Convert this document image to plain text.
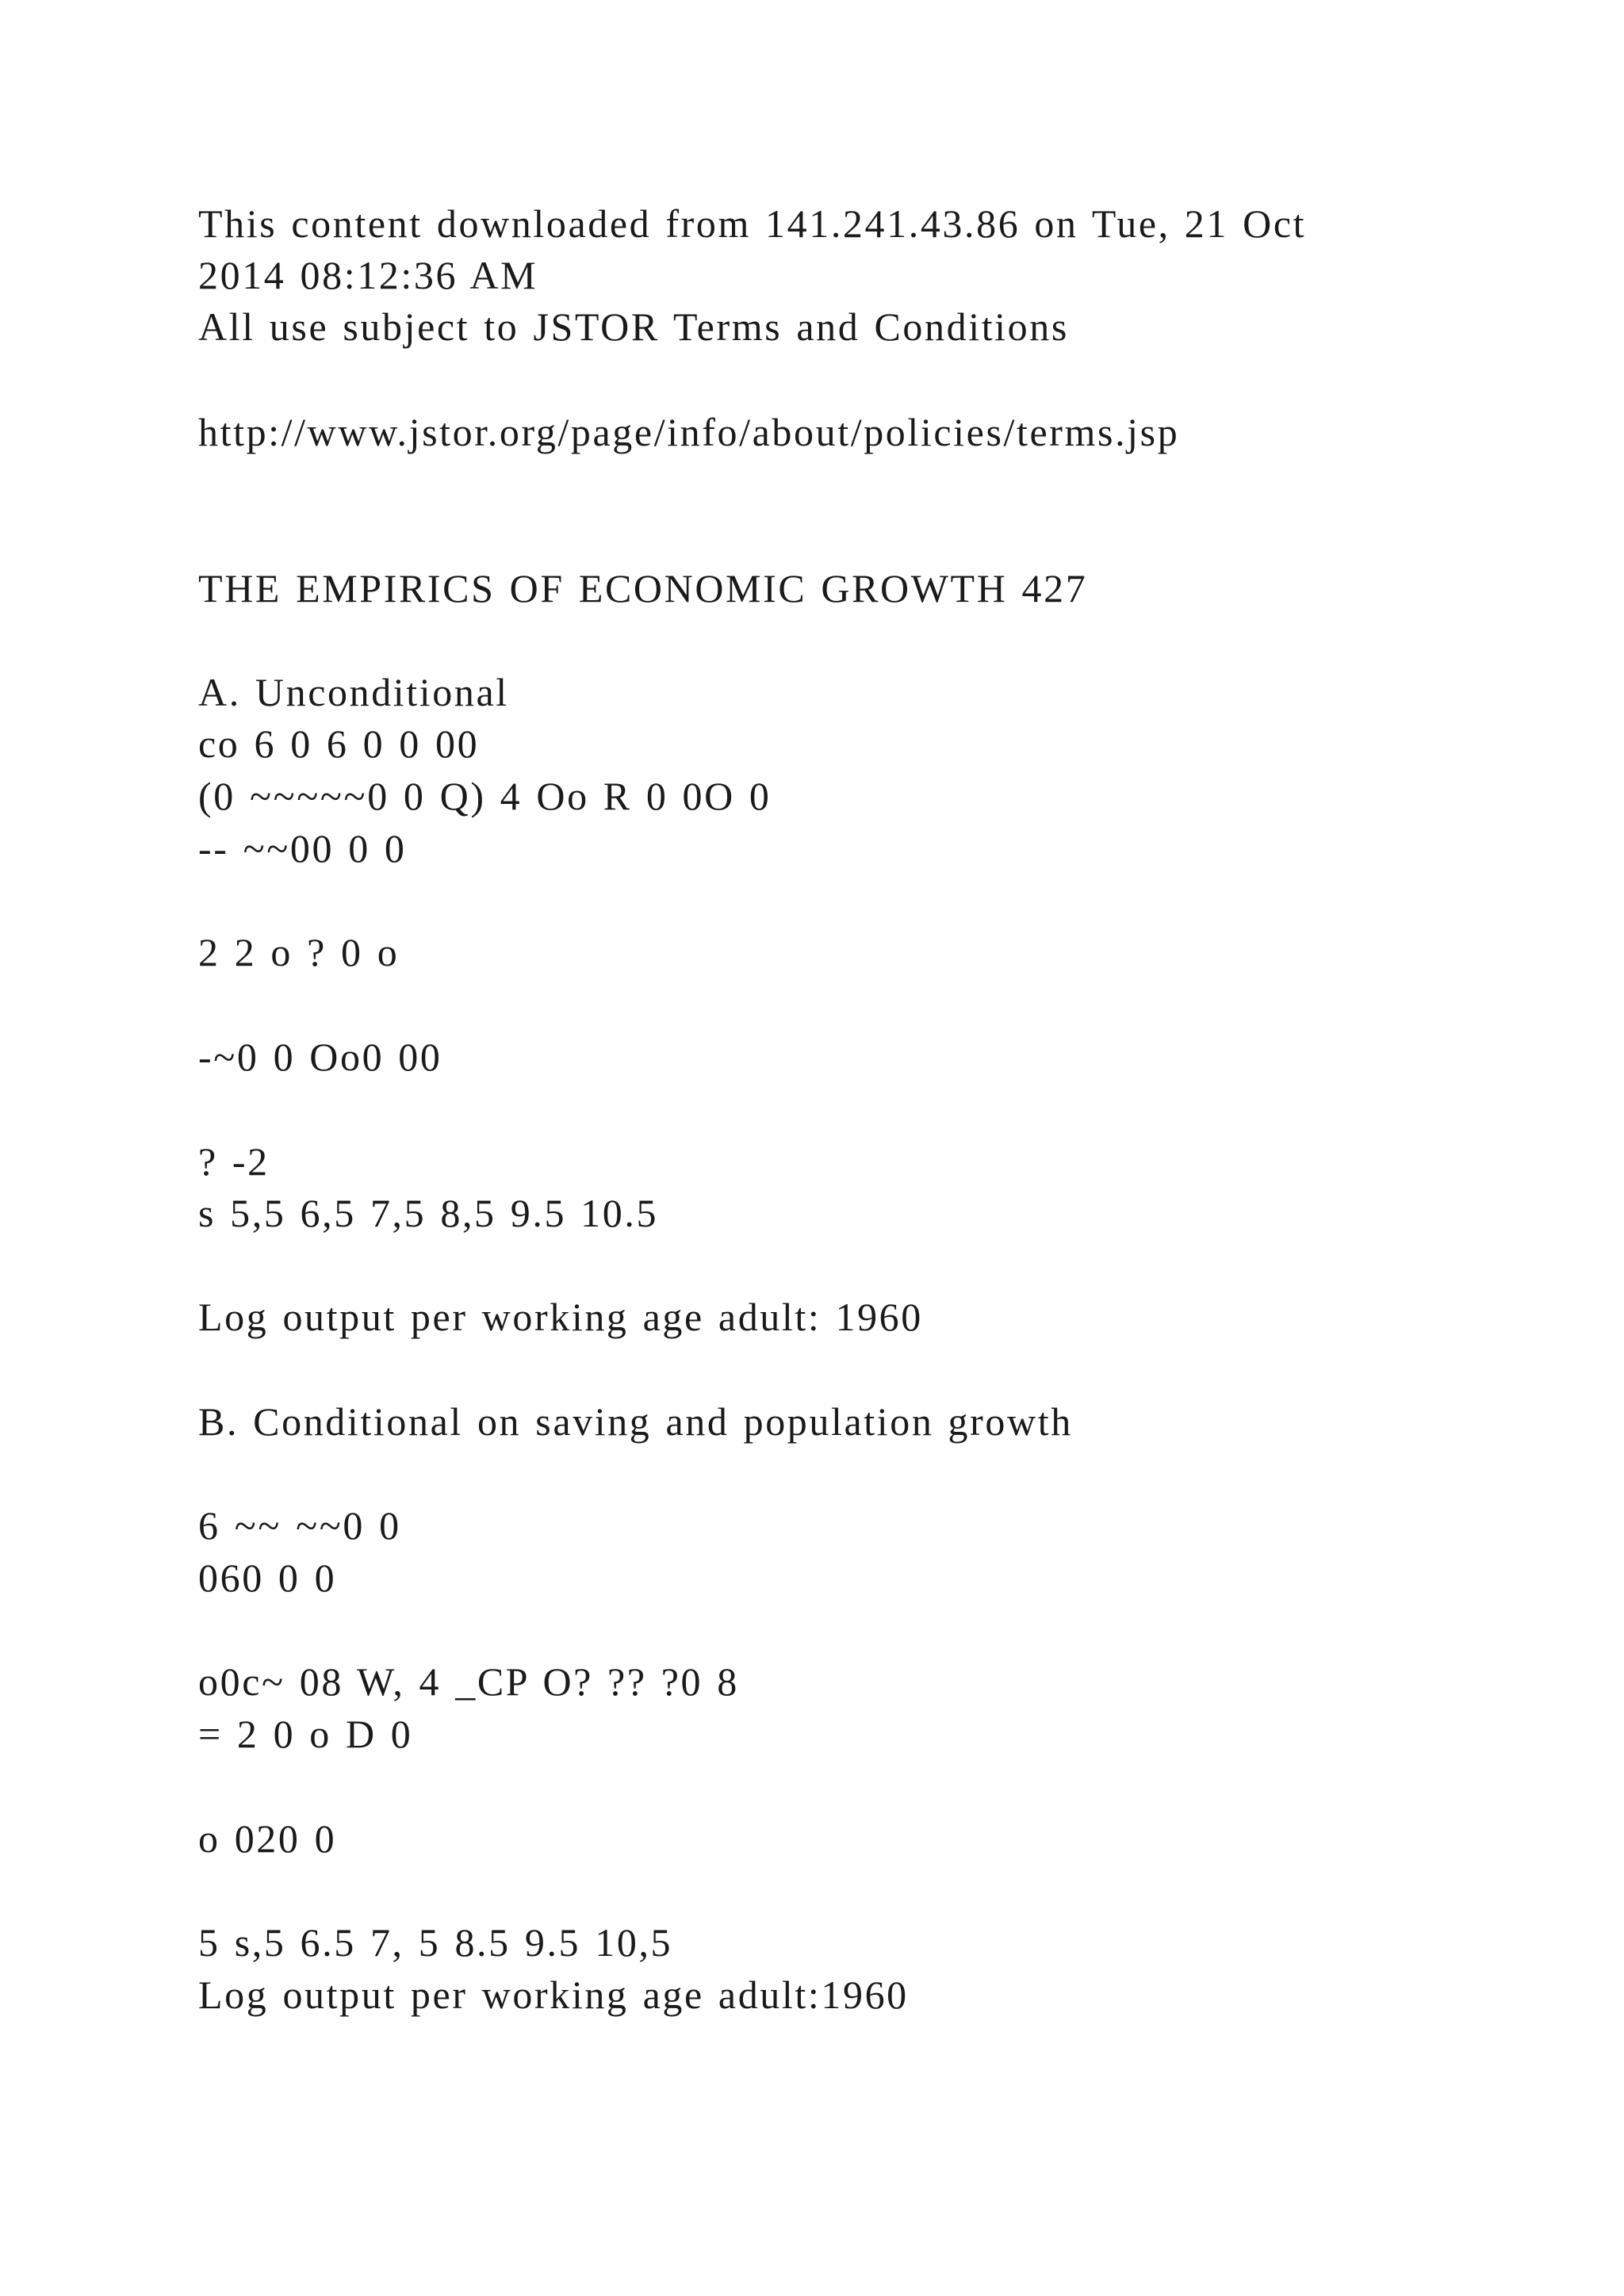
This content downloaded from 141.241.43.86 on Tue, 21 Oct

2014 08:12:36 AM

All use subject to JSTOR Terms and Conditions

http://www.jstor.org/page/info/about/policies/terms.jsp

THE EMPIRICS OF ECONOMIC GROWTH 427

A. Unconditional

co 6 0 6 0 0 00

(0 ~~~~~0 0 Q) 4 Oo R 0 0O 0

-- ~~00 0 0

2 2 o ? 0 o

-~0 0 Oo0 00

? -2

s 5,5 6,5 7,5 8,5 9.5 10.5

Log output per working age adult: 1960

B. Conditional on saving and population growth

6 ~~ ~~0 0

060 0 0

o0c~ 08 W, 4 _CP O? ?? ?0 8

= 2 0 o D 0

o 020 0

5 s,5 6.5 7, 5 8.5 9.5 10,5

Log output per working age adult:1960
